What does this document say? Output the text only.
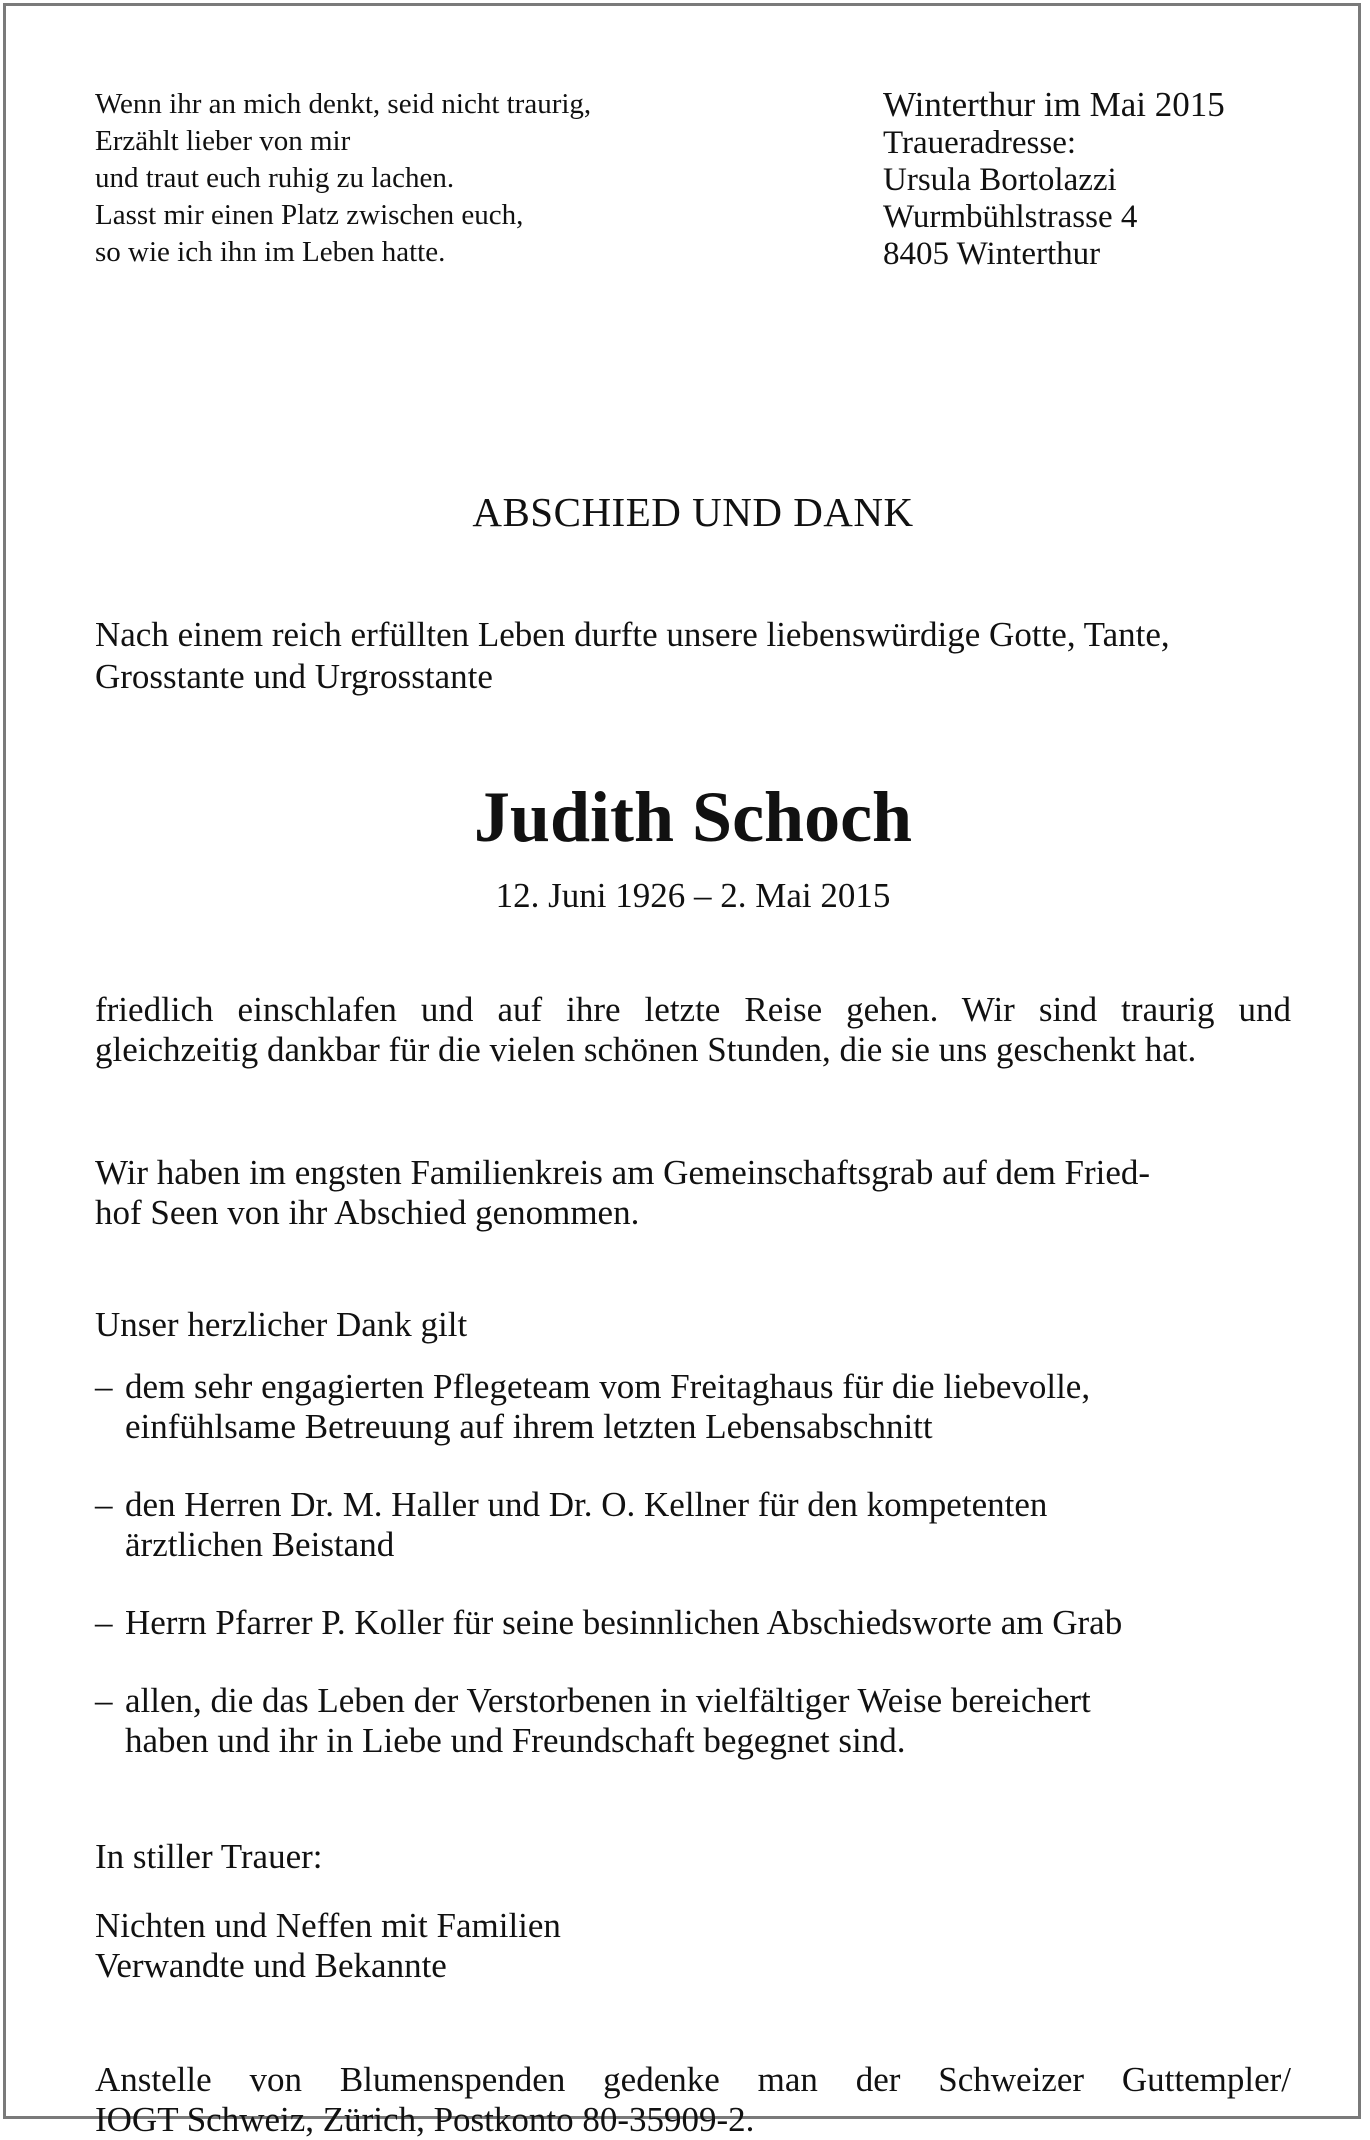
Wenn ihr an mich denkt, seid nicht traurig,
Erzählt lieber von mir
und traut euch ruhig zu lachen.
Lasst mir einen Platz zwischen euch,
so wie ich ihn im Leben hatte.
Winterthur im Mai 2015
Traueradresse:
Ursula Bortolazzi
Wurmbühlstrasse 4
8405 Winterthur
ABSCHIED UND DANK
Nach einem reich erfüllten Leben durfte unsere liebenswürdige Gotte, Tante,
Grosstante und Urgrosstante
Judith Schoch
12. Juni 1926 – 2. Mai 2015
friedlich einschlafen und auf ihre letzte Reise gehen. Wir sind traurig und gleichzeitig dankbar für die vielen schönen Stunden, die sie uns geschenkt hat.
Wir haben im engsten Familienkreis am Gemeinschaftsgrab auf dem Fried-
hof Seen von ihr Abschied genommen.
Unser herzlicher Dank gilt
– dem sehr engagierten Pflegeteam vom Freitaghaus für die liebevolle,
einfühlsame Betreuung auf ihrem letzten Lebensabschnitt
– den Herren Dr. M. Haller und Dr. O. Kellner für den kompetenten
ärztlichen Beistand
– Herrn Pfarrer P. Koller für seine besinnlichen Abschiedsworte am Grab
– allen, die das Leben der Verstorbenen in vielfältiger Weise bereichert
haben und ihr in Liebe und Freundschaft begegnet sind.
In stiller Trauer:
Nichten und Neffen mit Familien
Verwandte und Bekannte
Anstelle von Blumenspenden gedenke man der Schweizer Guttempler/
IOGT Schweiz, Zürich, Postkonto 80-35909-2.
